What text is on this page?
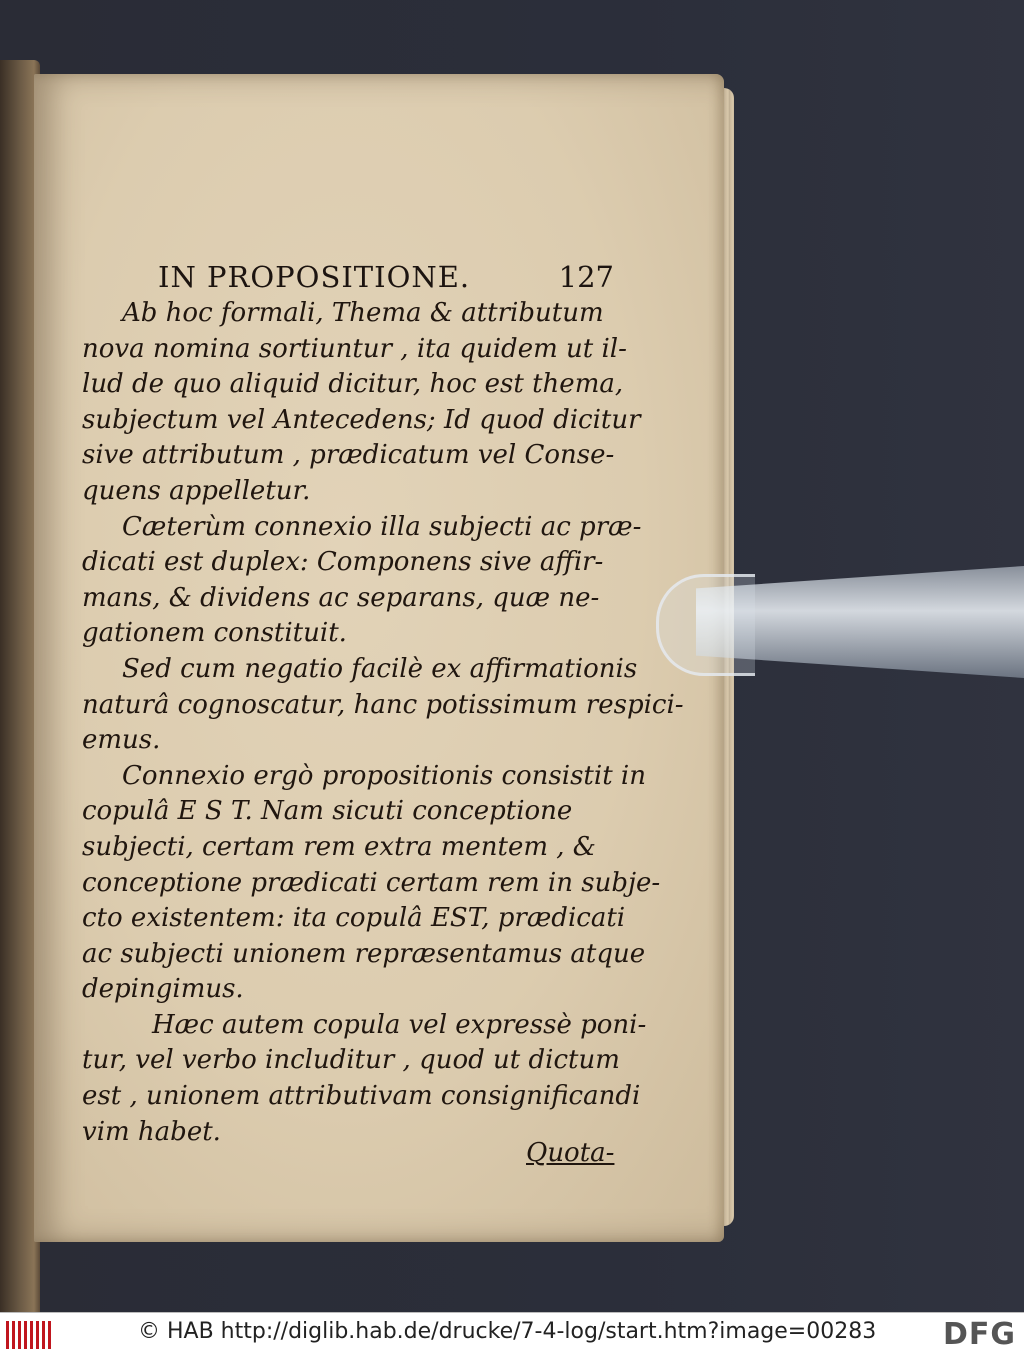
IN PROPOSITIONE.	127
Ab hoc formali, Thema & attributum
nova nomina sortiuntur , ita quidem ut il-
lud de quo aliquid dicitur, hoc est thema,
subjectum vel Antecedens; Id quod dicitur
sive attributum , prædicatum vel Conse-
quens appelletur.
Cæterùm connexio illa subjecti ac præ-
dicati est duplex: Componens sive affir-
mans, & dividens ac separans, quæ ne-
gationem constituit.
Sed cum negatio facilè ex affirmationis
naturâ cognoscatur, hanc potissimum respici-
emus.
Connexio ergò propositionis consistit in
copulâ E S T. Nam sicuti conceptione
subjecti, certam rem extra mentem , &
conceptione prædicati certam rem in subje-
cto existentem: ita copulâ EST, prædicati
ac subjecti unionem repræsentamus atque
depingimus.
Hæc autem copula vel expressè poni-
tur, vel verbo includitur , quod ut dictum
est , unionem attributivam consignificandi
vim habet.
Quota-
© HAB http://diglib.hab.de/drucke/7-4-log/start.htm?image=00283 DFG
